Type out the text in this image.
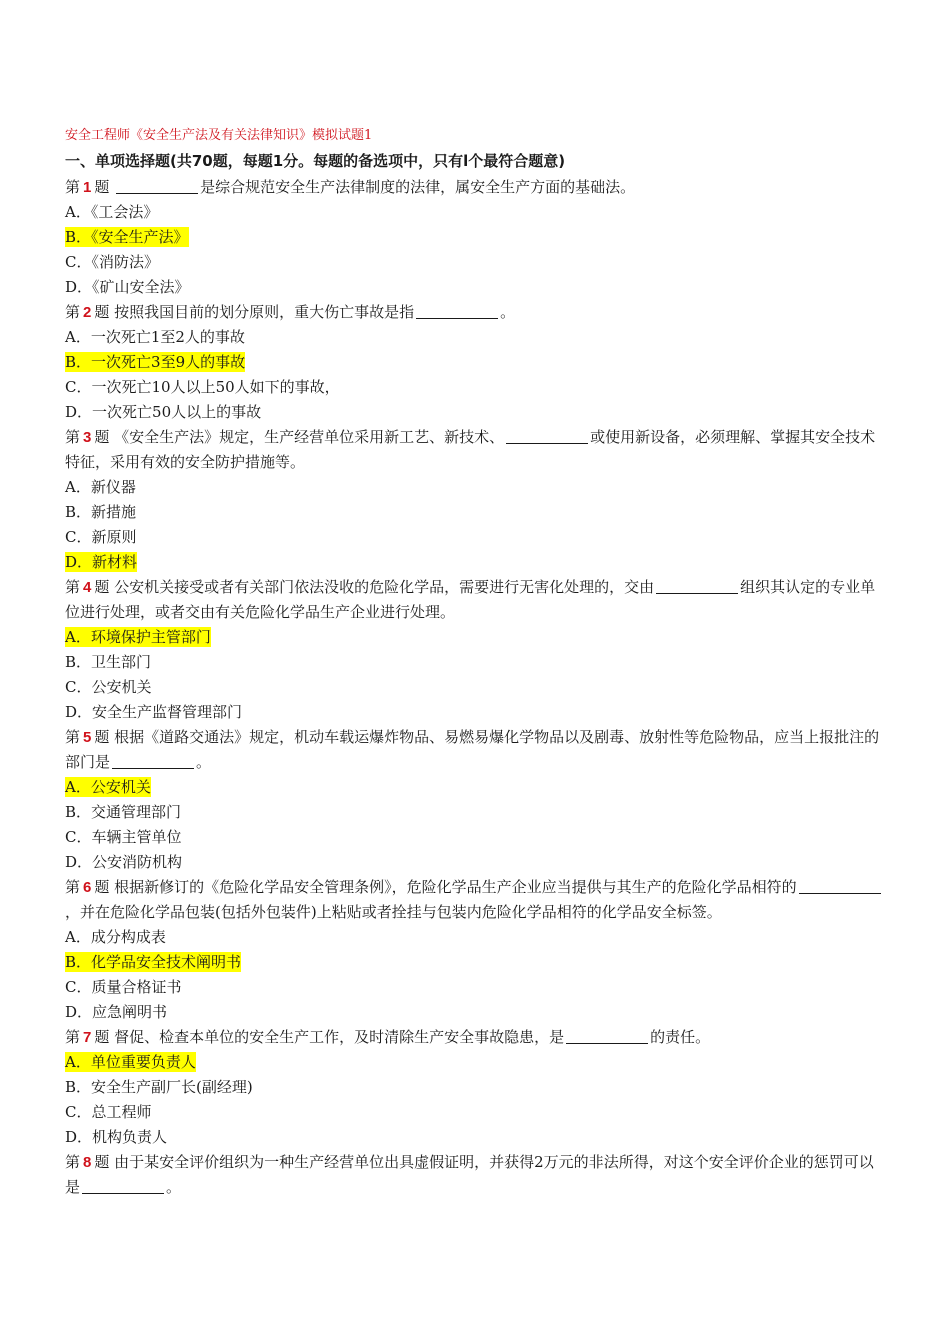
安全工程师《安全生产法及有关法律知识》模拟试题1
一、单项选择题(共70题，每题1分。每题的备选项中，只有l个最符合题意)
第 1 题	是综合规范安全生产法律制度的法律，属安全生产方面的基础法。
A．《工会法》
B．《安全生产法》
C．《消防法》
D．《矿山安全法》
第 2 题 按照我国目前的划分原则，重大伤亡事故是指	。
A．一次死亡1至2人的事故
B．一次死亡3至9人的事故
C．一次死亡10人以上50人如下的事故，
D．一次死亡50人以上的事故
第 3 题 《安全生产法》规定，生产经营单位采用新工艺、新技术、	或使用新设备，必须理解、掌握其安全技术特征，采用有效的安全防护措施等。
A．新仪器
B．新措施
C．新原则
D．新材料
第 4 题 公安机关接受或者有关部门依法没收的危险化学品，需要进行无害化处理的，交由	组织其认定的专业单位进行处理，或者交由有关危险化学品生产企业进行处理。
A．环境保护主管部门
B．卫生部门
C．公安机关
D．安全生产监督管理部门
第 5 题 根据《道路交通法》规定，机动车载运爆炸物品、易燃易爆化学物品以及剧毒、放射性等危险物品，应当上报批注的部门是	。
A．公安机关
B．交通管理部门
C．车辆主管单位
D．公安消防机构
第 6 题 根据新修订的《危险化学品安全管理条例》，危险化学品生产企业应当提供与其生产的危险化学品相符的，并在危险化学品包装(包括外包装件)上粘贴或者拴挂与包装内危险化学品相符的化学品安全标签。
A．成分构成表
B．化学品安全技术阐明书
C．质量合格证书
D．应急阐明书
第 7 题 督促、检查本单位的安全生产工作，及时清除生产安全事故隐患，是	的责任。
A．单位重要负责人
B．安全生产副厂长(副经理)
C．总工程师
D．机构负责人
第 8 题 由于某安全评价组织为一种生产经营单位出具虚假证明，并获得2万元的非法所得，对这个安全评价企业的惩罚可以是	。
